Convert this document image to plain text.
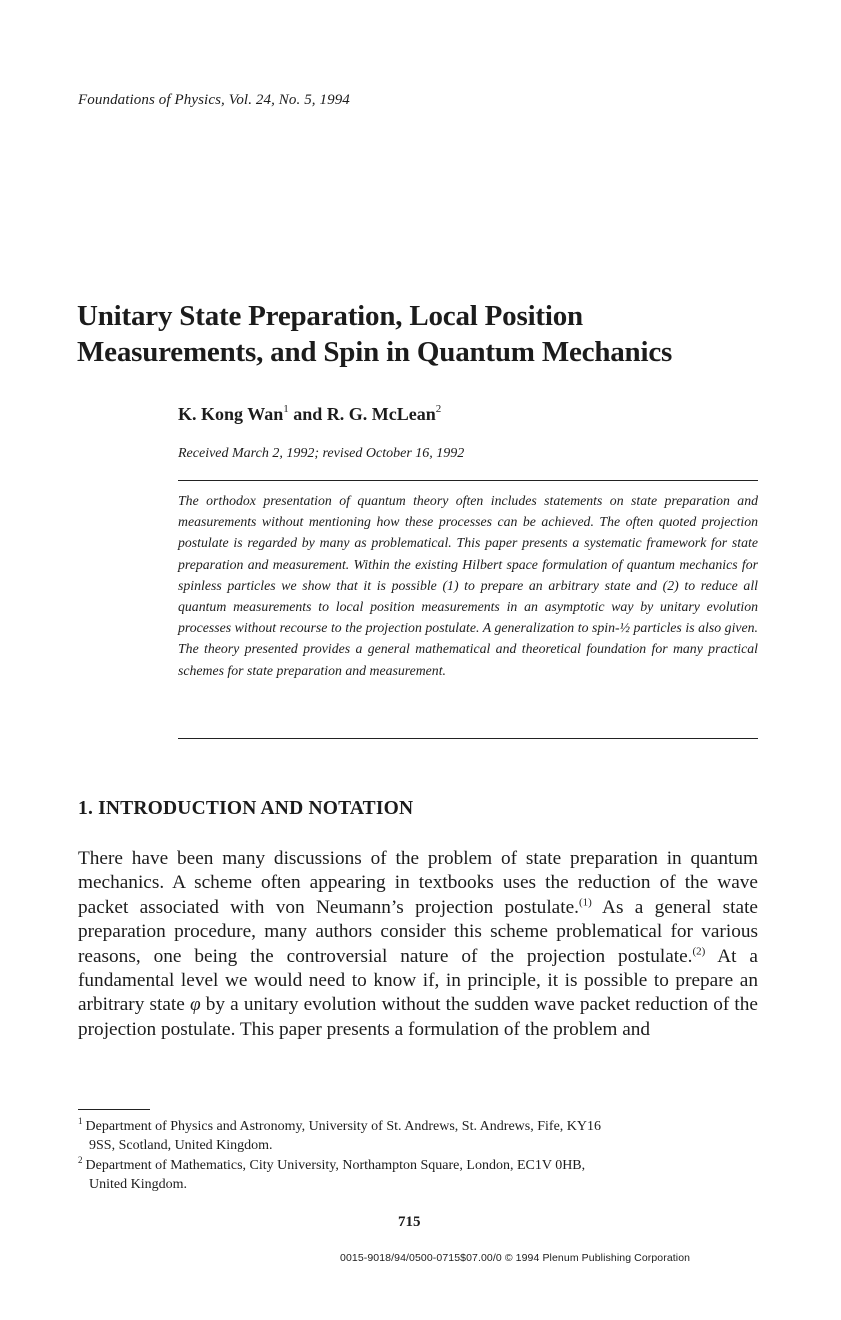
Foundations of Physics, Vol. 24, No. 5, 1994
Unitary State Preparation, Local Position
Measurements, and Spin in Quantum Mechanics
K. Kong Wan$^1$ and R. G. McLean$^2$
Received March 2, 1992; revised October 16, 1992
The orthodox presentation of quantum theory often includes statements on state preparation and measurements without mentioning how these processes can be achieved. The often quoted projection postulate is regarded by many as problematical. This paper presents a systematic framework for state preparation and measurement. Within the existing Hilbert space formulation of quantum mechanics for spinless particles we show that it is possible (1) to prepare an arbitrary state and (2) to reduce all quantum measurements to local position measurements in an asymptotic way by unitary evolution processes without recourse to the projection postulate. A generalization to spin-½ particles is also given. The theory presented provides a general mathematical and theoretical foundation for many practical schemes for state preparation and measurement.
1. INTRODUCTION AND NOTATION
There have been many discussions of the problem of state preparation in quantum mechanics. A scheme often appearing in textbooks uses the reduction of the wave packet associated with von Neumann’s projection postulate.$^{(1)}$ As a general state preparation procedure, many authors consider this scheme problematical for various reasons, one being the controversial nature of the projection postulate.$^{(2)}$ At a fundamental level we would need to know if, in principle, it is possible to prepare an arbitrary state φ by a unitary evolution without the sudden wave packet reduction of the projection postulate. This paper presents a formulation of the problem and
$^1$ Department of Physics and Astronomy, University of St. Andrews, St. Andrews, Fife, KY16
9SS, Scotland, United Kingdom.
$^2$ Department of Mathematics, City University, Northampton Square, London, EC1V 0HB,
United Kingdom.
715
0015-9018/94/0500-0715$07.00/0 © 1994 Plenum Publishing Corporation
